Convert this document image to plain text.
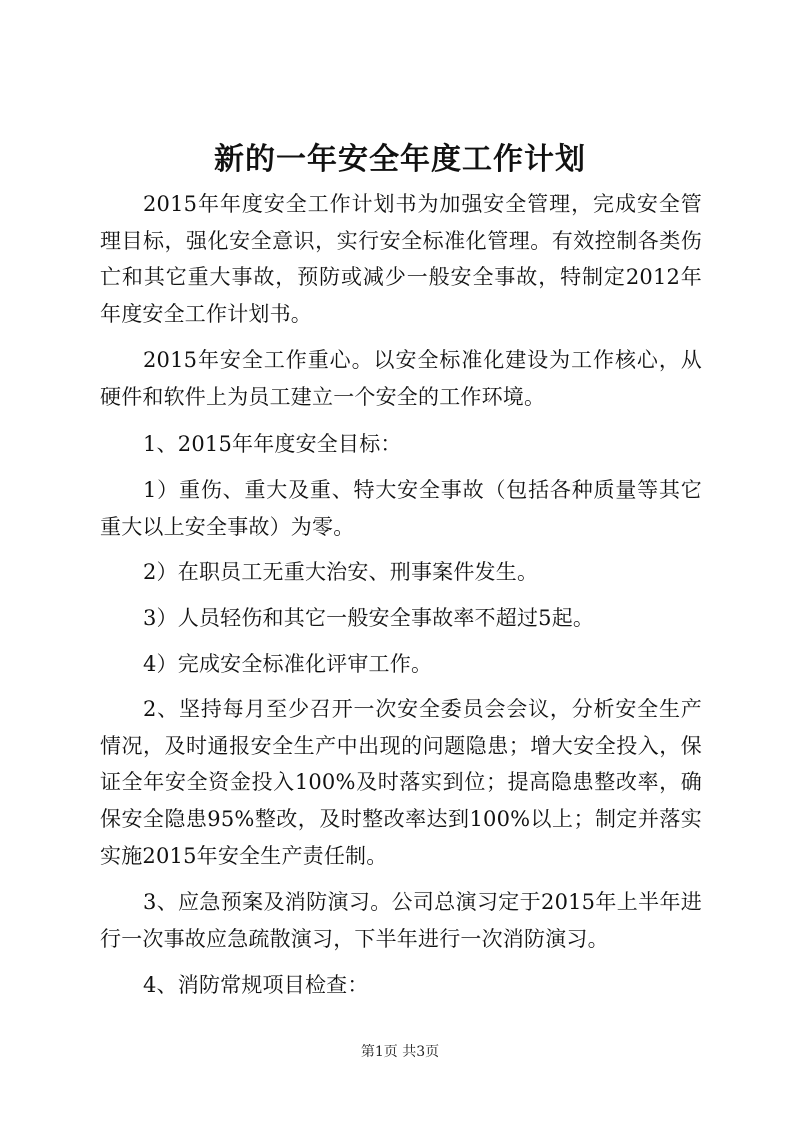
新的一年安全年度工作计划

2015年年度安全工作计划书为加强安全管理，完成安全管理目标，强化安全意识，实行安全标准化管理。有效控制各类伤亡和其它重大事故，预防或减少一般安全事故，特制定2012年年度安全工作计划书。

2015年安全工作重心。以安全标准化建设为工作核心，从硬件和软件上为员工建立一个安全的工作环境。

1、2015年年度安全目标：

1）重伤、重大及重、特大安全事故（包括各种质量等其它重大以上安全事故）为零。

2）在职员工无重大治安、刑事案件发生。

3）人员轻伤和其它一般安全事故率不超过5起。

4）完成安全标准化评审工作。

2、坚持每月至少召开一次安全委员会会议，分析安全生产情况，及时通报安全生产中出现的问题隐患；增大安全投入，保证全年安全资金投入100%及时落实到位；提高隐患整改率，确保安全隐患95%整改，及时整改率达到100%以上；制定并落实实施2015年安全生产责任制。

3、应急预案及消防演习。公司总演习定于2015年上半年进行一次事故应急疏散演习，下半年进行一次消防演习。

4、消防常规项目检查：

第1页 共3页
